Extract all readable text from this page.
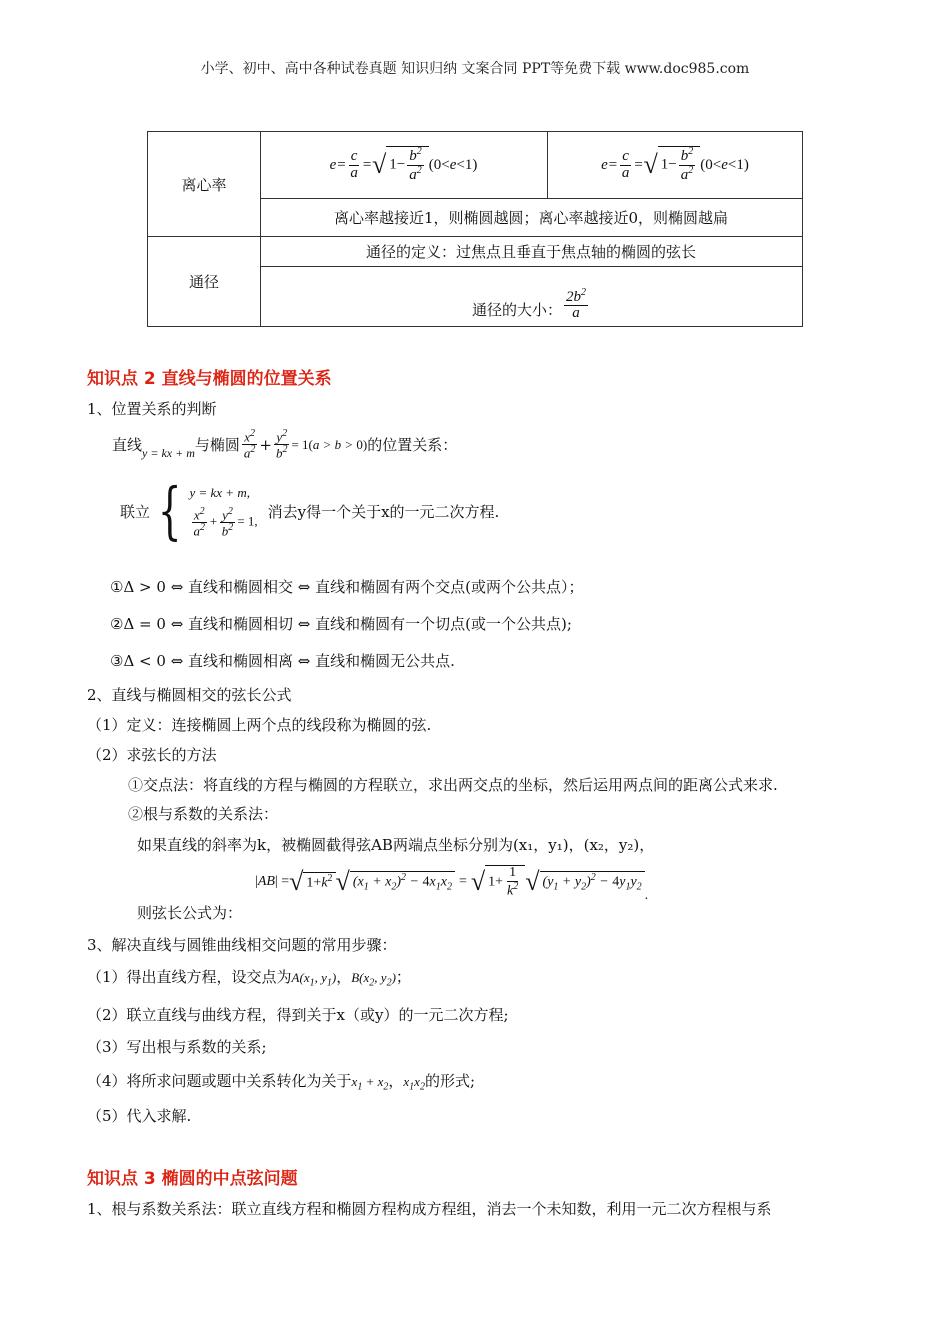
小学、初中、高中各种试卷真题 知识归纳 文案合同 PPT等免费下载 www.doc985.com
离心率
$e= \frac{c}{a}$ = √ $1- \frac{b^2}{a^2} (0< e <1)$	$e= \frac{c}{a}$ = √ $1- \frac{b^2}{a^2} (0< e <1)$
离心率越接近1，则椭圆越圆；离心率越接近0，则椭圆越扁
通径
通径的定义：过焦点且垂直于焦点轴的椭圆的弦长
通径的大小： $\frac{2b^2}{a}$
知识点 2 直线与椭圆的位置关系
1、位置关系的判断
直线 y = kx + m 与椭圆 $\frac{x^2}{a^2} + \frac{y^2}{b^2} = 1(a > b > 0)$ 的位置关系：
联立 { y = kx + m,
$\frac{x^2}{a^2} + \frac{y^2}{b^2} = 1$, 消去y得一个关于x的一元二次方程.
①Δ > 0 ⇔ 直线和椭圆相交 ⇔ 直线和椭圆有两个交点(或两个公共点）；
②Δ = 0 ⇔ 直线和椭圆相切 ⇔ 直线和椭圆有一个切点(或一个公共点);
③Δ < 0 ⇔ 直线和椭圆相离 ⇔ 直线和椭圆无公共点.
2、直线与椭圆相交的弦长公式
（1）定义：连接椭圆上两个点的线段称为椭圆的弦.
（2）求弦长的方法
①交点法：将直线的方程与椭圆的方程联立，求出两交点的坐标，然后运用两点间的距离公式来求.
②根与系数的关系法：
如果直线的斜率为k，被椭圆截得弦AB两端点坐标分别为(x₁，y₁)，(x₂，y₂)，
则弦长公式为：
| AB | = √ $1+k^2$ √ $(x_1 + x_2)^2 - 4x_1x_2$ = √ $1+ \frac{1}{k^2}$ √ $(y_1 + y_2)^2 - 4y_1y_2$
.
3、解决直线与圆锥曲线相交问题的常用步骤：
（1）得出直线方程，设交点为$A(x_1$, $y_1$)，$B(x_2$, $y_2$)；
（2）联立直线与曲线方程，得到关于x（或y）的一元二次方程;
（3）写出根与系数的关系;
（4）将所求问题或题中关系转化为关于$x_1 + x_2$，$x_1x_2$的形式;
（5）代入求解.
知识点 3 椭圆的中点弦问题
1、根与系数关系法：联立直线方程和椭圆方程构成方程组，消去一个未知数，利用一元二次方程根与系
